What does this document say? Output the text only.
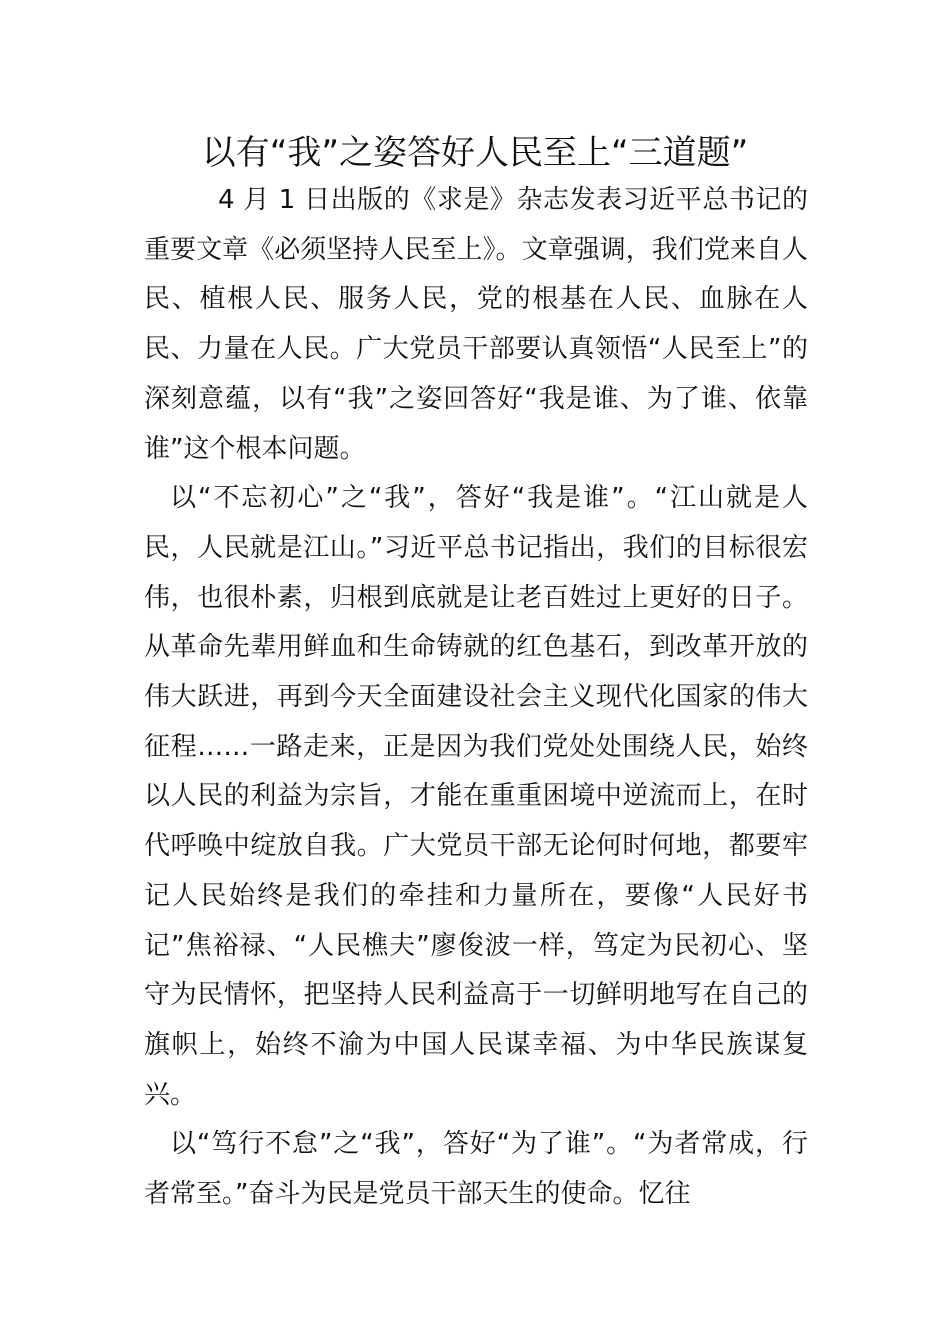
以有“我”之姿答好人民至上“三道题”

4 月 1 日出版的《求是》杂志发表习近平总书记的重要文章《必须坚持人民至上》。文章强调，我们党来自人民、植根人民、服务人民，党的根基在人民、血脉在人民、力量在人民。广大党员干部要认真领悟“人民至上”的深刻意蕴，以有“我”之姿回答好“我是谁、为了谁、依靠谁”这个根本问题。

以“不忘初心”之“我”，答好“我是谁”。“江山就是人民，人民就是江山。”习近平总书记指出，我们的目标很宏伟，也很朴素，归根到底就是让老百姓过上更好的日子。从革命先辈用鲜血和生命铸就的红色基石，到改革开放的伟大跃进，再到今天全面建设社会主义现代化国家的伟大征程……一路走来，正是因为我们党处处围绕人民，始终以人民的利益为宗旨，才能在重重困境中逆流而上，在时代呼唤中绽放自我。广大党员干部无论何时何地，都要牢记人民始终是我们的牵挂和力量所在，要像“人民好书记”焦裕禄、“人民樵夫”廖俊波一样，笃定为民初心、坚守为民情怀，把坚持人民利益高于一切鲜明地写在自己的旗帜上，始终不渝为中国人民谋幸福、为中华民族谋复兴。

以“笃行不怠”之“我”，答好“为了谁”。“为者常成，行者常至。”奋斗为民是党员干部天生的使命。忆往
